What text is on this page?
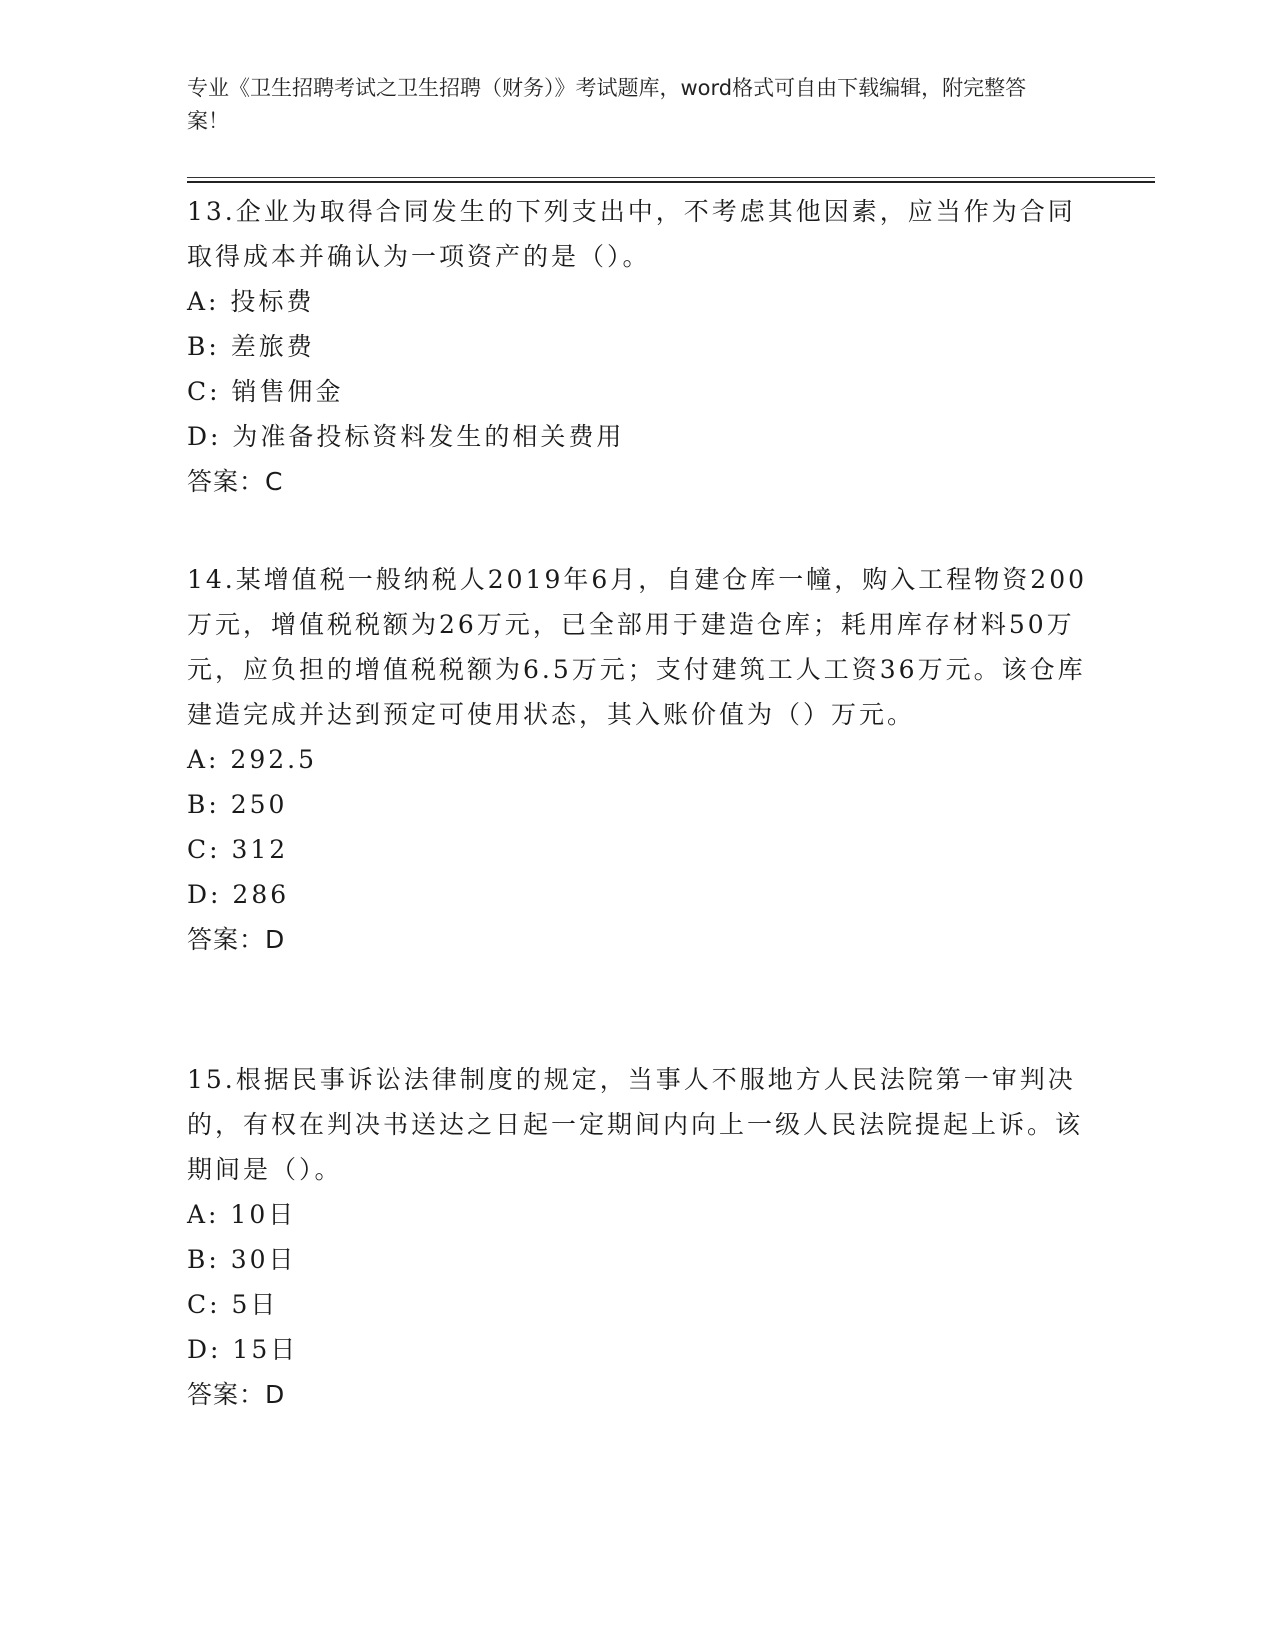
专业《卫生招聘考试之卫生招聘（财务）》考试题库，word格式可自由下载编辑，附完整答案！

13.企业为取得合同发生的下列支出中，不考虑其他因素，应当作为合同取得成本并确认为一项资产的是（）。

A: 投标费

B: 差旅费

C: 销售佣金

D: 为准备投标资料发生的相关费用

答案：C

14.某增值税一般纳税人2019年6月，自建仓库一幢，购入工程物资200万元，增值税税额为26万元，已全部用于建造仓库；耗用库存材料50万元，应负担的增值税税额为6.5万元；支付建筑工人工资36万元。该仓库建造完成并达到预定可使用状态，其入账价值为（）万元。

A: 292.5

B: 250

C: 312

D: 286

答案：D

15.根据民事诉讼法律制度的规定，当事人不服地方人民法院第一审判决的，有权在判决书送达之日起一定期间内向上一级人民法院提起上诉。该期间是（）。

A: 10日

B: 30日

C: 5日

D: 15日

答案：D
